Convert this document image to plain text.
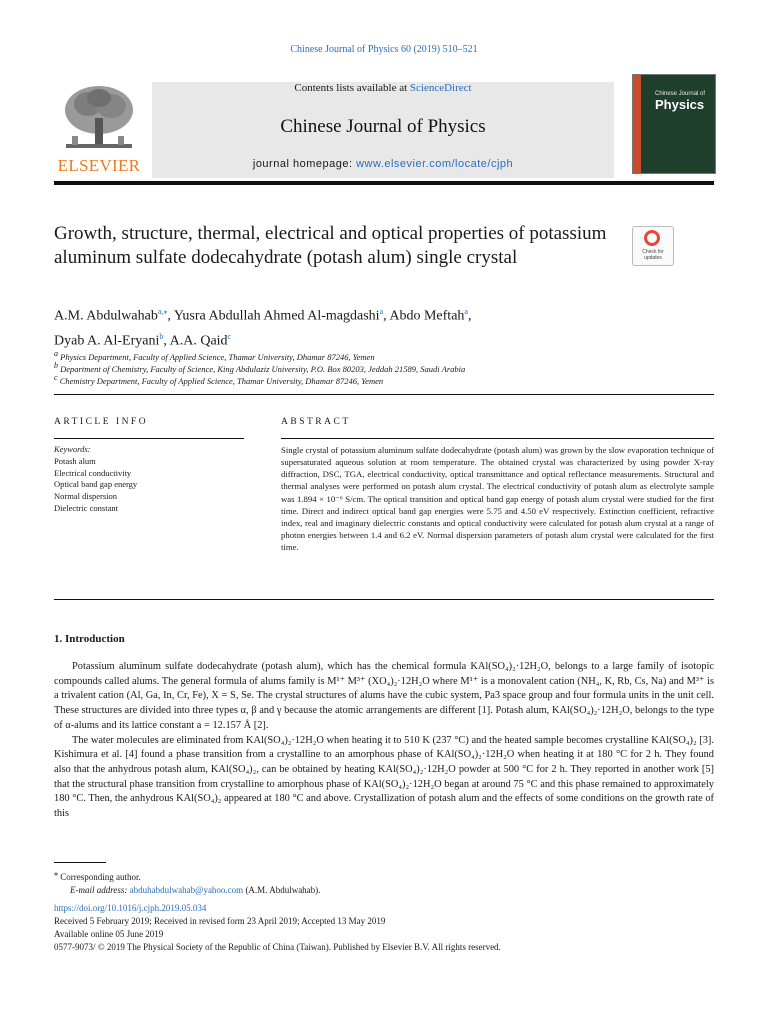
Chinese Journal of Physics 60 (2019) 510–521
ELSEVIER
Contents lists available at ScienceDirect
Chinese Journal of Physics
journal homepage: www.elsevier.com/locate/cjph
Chinese Journal of
Physics
Growth, structure, thermal, electrical and optical properties of potassium aluminum sulfate dodecahydrate (potash alum) single crystal	Check for updates
A.M. Abdulwahab$^{a,⁎}$, Yusra Abdullah Ahmed Al-magdashi$^a$, Abdo Meftah$^a$,
Dyab A. Al-Eryani$^b$, A.A. Qaid$^c$
$^a$ Physics Department, Faculty of Applied Science, Thamar University, Dhamar 87246, Yemen
$^b$ Department of Chemistry, Faculty of Science, King Abdulaziz University, P.O. Box 80203, Jeddah 21589, Saudi Arabia
$^c$ Chemistry Department, Faculty of Applied Science, Thamar University, Dhamar 87246, Yemen
ARTICLE INFO
Keywords:
Potash alum
Electrical conductivity
Optical band gap energy
Normal dispersion
Dielectric constant
ABSTRACT
Single crystal of potassium aluminum sulfate dodecahydrate (potash alum) was grown by the slow evaporation technique of supersaturated aqueous solution at room temperature. The obtained crystal was characterized by using powder X-ray diffraction, DSC, TGA, electrical conductivity, optical transmittance and optical reflectance measurements. Structural and thermal analyses were performed on potash alum crystal. The electrical conductivity of potash alum as electrolyte sample was 1.894 × 10⁻⁶ S/cm. The optical transition and optical band gap energy of potash alum crystal were studied for the first time. Direct and indirect optical band gap energies were 5.75 and 4.50 eV respectively. Extinction coefficient, refractive index, real and imaginary dielectric constants and optical conductivity were calculated for potash alum crystal at a range of photon energies between 1.4 and 6.2 eV. Normal dispersion parameters of potash alum crystal were calculated for the first time.
1. Introduction

Potassium aluminum sulfate dodecahydrate (potash alum), which has the chemical formula KAl(SO₄)₂·12H₂O, belongs to a large family of isotopic compounds called alums. The general formula of alums family is M¹⁺ M³⁺ (XO₄)₂·12H₂O where M¹⁺ is a monovalent cation (NH₄, K, Rb, Cs, Na) and M³⁺ is a trivalent cation (Al, Ga, In, Cr, Fe), X = S, Se. The crystal structures of alums have the cubic system, Pa3 space group and four formula units in the unit cell. These structures are divided into three types α, β and γ because the atomic arrangements are different [1]. Potash alum, KAl(SO₄)₂·12H₂O, belongs to the type of α-alums and its lattice constant a = 12.157 Å [2].

The water molecules are eliminated from KAl(SO₄)₂·12H₂O when heating it to 510 K (237 °C) and the heated sample becomes crystalline KAl(SO₄)₂ [3]. Kishimura et al. [4] found a phase transition from a crystalline to an amorphous phase of KAl(SO₄)₂·12H₂O when heating it at 180 °C for 2 h. They found also that the anhydrous potash alum, KAl(SO₄)₂, can be obtained by heating KAl(SO₄)₂·12H₂O powder at 500 °C for 2 h. They reported in another work [5] that the structural phase transition from crystalline to amorphous phase of KAl(SO₄)₂·12H₂O began at around 75 °C and this phase remained to approximately 180 °C. Then, the anhydrous KAl(SO₄)₂ appeared at 180 °C and above. Crystallization of potash alum and the effects of some conditions on the growth rate of this

⁎ Corresponding author.
E-mail address: abduhabdulwahab@yahoo.com (A.M. Abdulwahab).
https://doi.org/10.1016/j.cjph.2019.05.034
Received 5 February 2019; Received in revised form 23 April 2019; Accepted 13 May 2019
Available online 05 June 2019
0577-9073/ © 2019 The Physical Society of the Republic of China (Taiwan). Published by Elsevier B.V. All rights reserved.
